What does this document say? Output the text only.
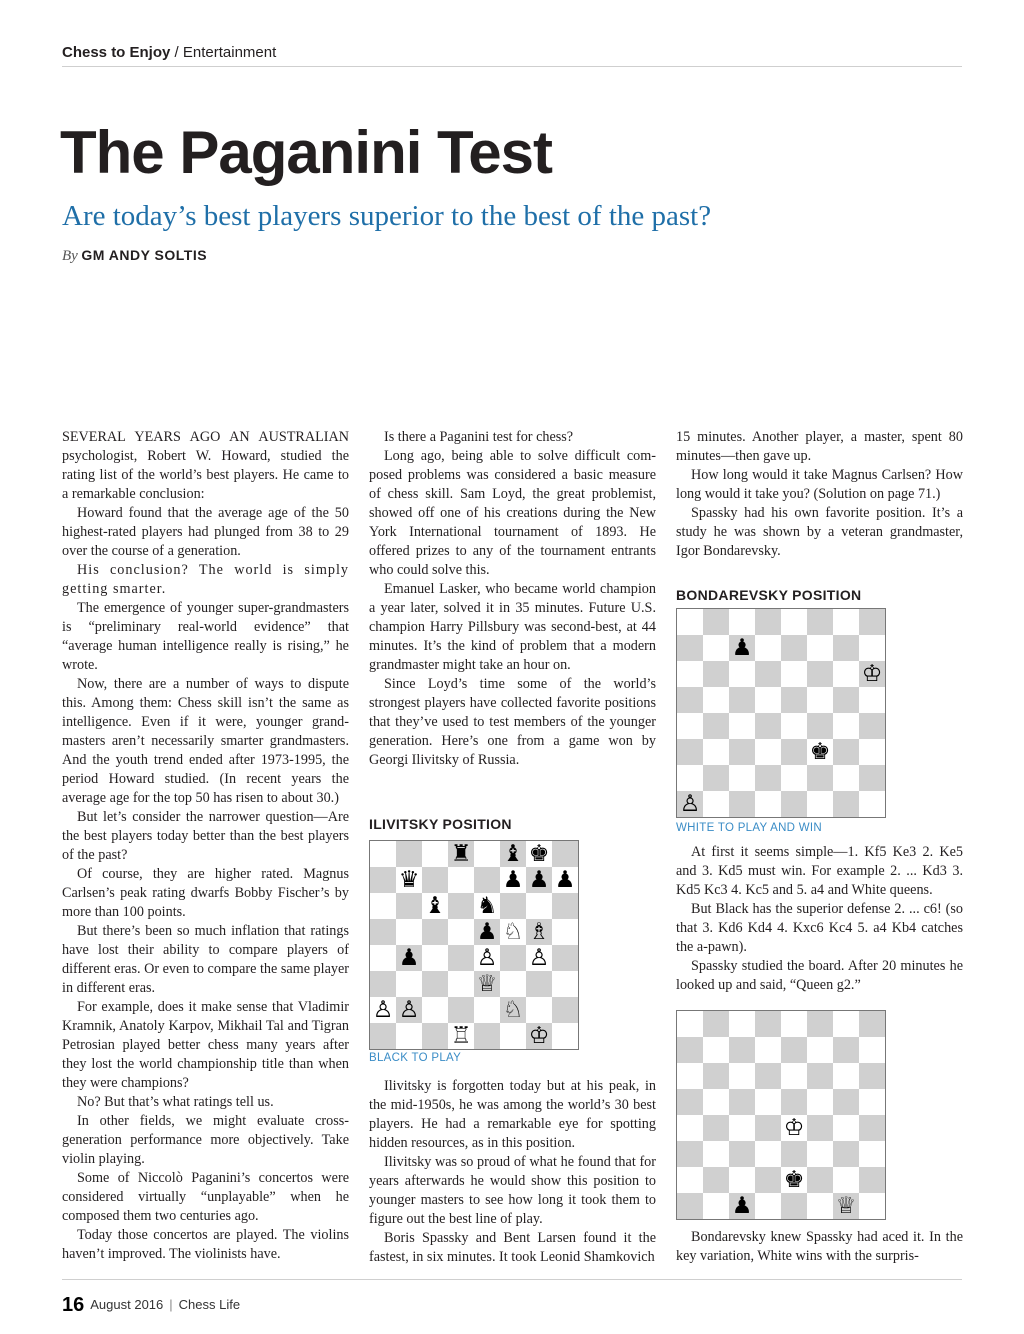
Chess to Enjoy / Entertainment
The Paganini Test
Are today’s best players superior to the best of the past?
By GM ANDY SOLTIS

SEVERAL YEARS AGO AN AUSTRALIAN psychologist, Robert W. Howard, studied the rating list of the world’s best players. He came to a remarkable conclusion:

Howard found that the average age of the 50 highest-rated players had plunged from 38 to 29 over the course of a generation.

His conclusion? The world is simply getting smarter.

The emergence of younger super-grandmasters is “preliminary real-world evidence” that “average human intelligence really is rising,” he wrote.

Now, there are a number of ways to dispute this. Among them: Chess skill isn’t the same as intelligence. Even if it were, younger grandmasters aren’t necessarily smarter grandmasters. And the youth trend ended after 1973-1995, the period Howard studied. (In recent years the average age for the top 50 has risen to about 30.)

But let’s consider the narrower question—Are the best players today better than the best players of the past?

Of course, they are higher rated. Magnus Carlsen’s peak rating dwarfs Bobby Fischer’s by more than 100 points.

But there’s been so much inflation that ratings have lost their ability to compare players of different eras. Or even to compare the same player in different eras.

For example, does it make sense that Vladimir Kramnik, Anatoly Karpov, Mikhail Tal and Tigran Petrosian played better chess many years after they lost the world championship title than when they were champions?

No? But that’s what ratings tell us.

In other fields, we might evaluate cross-generation performance more objectively. Take violin playing.

Some of Niccolò Paganini’s concertos were considered virtually “unplayable” when he composed them two centuries ago.

Today those concertos are played. The violins haven’t improved. The violinists have.

Is there a Paganini test for chess?

Long ago, being able to solve difficult composed problems was considered a basic measure of chess skill. Sam Loyd, the great problemist, showed off one of his creations during the New York International tournament of 1893. He offered prizes to any of the tournament entrants who could solve this.

Emanuel Lasker, who became world champion a year later, solved it in 35 minutes. Future U.S. champion Harry Pillsbury was second-best, at 44 minutes. It’s the kind of problem that a modern grandmaster might take an hour on.

Since Loyd’s time some of the world’s strongest players have collected favorite positions that they’ve used to test members of the younger generation. Here’s one from a game won by Georgi Ilivitsky of Russia.

ILIVITSKY POSITION
♜ ♝ ♚
♛	♟ ♟ ♟
♝ ♞
♟ ♘ ♗
♟ ♙ ♙
♕
♙ ♙	♘
♖ ♔
BLACK TO PLAY

Ilivitsky is forgotten today but at his peak, in the mid-1950s, he was among the world’s 30 best players. He had a remarkable eye for spotting hidden resources, as in this position.

Ilivitsky was so proud of what he found that for years afterwards he would show this position to younger masters to see how long it took them to figure out the best line of play.

Boris Spassky and Bent Larsen found it the fastest, in six minutes. It took Leonid Shamkovich

15 minutes. Another player, a master, spent 80 minutes—then gave up.

How long would it take Magnus Carlsen? How long would it take you? (Solution on page 71.)

Spassky had his own favorite position. It’s a study he was shown by a veteran grandmaster, Igor Bondarevsky.

BONDAREVSKY POSITION
♟
♔
♚
♙
WHITE TO PLAY AND WIN

At first it seems simple—1. Kf5 Ke3 2. Ke5 and 3. Kd5 must win. For example 2. ... Kd3 3. Kd5 Kc3 4. Kc5 and 5. a4 and White queens.

But Black has the superior defense 2. ... c6! (so that 3. Kd6 Kd4 4. Kxc6 Kc4 5. a4 Kb4 catches the a-pawn).

Spassky studied the board. After 20 minutes he looked up and said, “Queen g2.”

♔
♚
♟	♕

Bondarevsky knew Spassky had aced it. In the key variation, White wins with the surpris-

16 August 2016 | Chess Life
